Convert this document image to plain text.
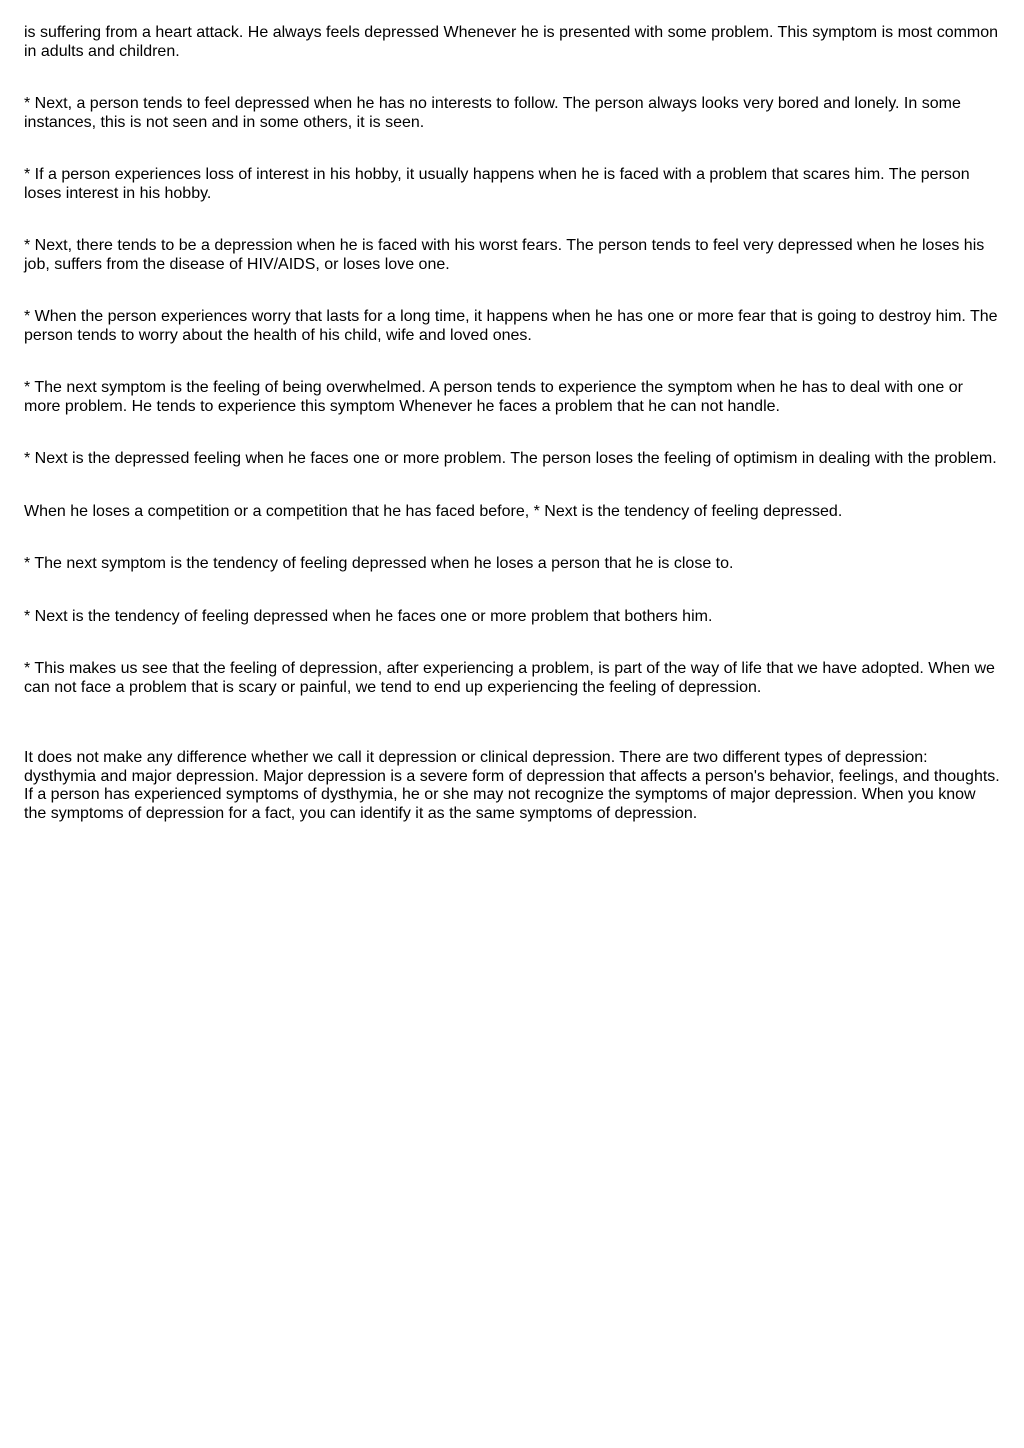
is suffering from a heart attack. He always feels depressed Whenever he is presented with some problem. This symptom is most common in adults and children.

* Next, a person tends to feel depressed when he has no interests to follow. The person always looks very bored and lonely. In some instances, this is not seen and in some others, it is seen.

* If a person experiences loss of interest in his hobby, it usually happens when he is faced with a problem that scares him. The person loses interest in his hobby.

* Next, there tends to be a depression when he is faced with his worst fears. The person tends to feel very depressed when he loses his job, suffers from the disease of HIV/AIDS, or loses love one.

* When the person experiences worry that lasts for a long time, it happens when he has one or more fear that is going to destroy him. The person tends to worry about the health of his child, wife and loved ones.

* The next symptom is the feeling of being overwhelmed. A person tends to experience the symptom when he has to deal with one or more problem. He tends to experience this symptom Whenever he faces a problem that he can not handle.

* Next is the depressed feeling when he faces one or more problem. The person loses the feeling of optimism in dealing with the problem.

When he loses a competition or a competition that he has faced before, * Next is the tendency of feeling depressed.

* The next symptom is the tendency of feeling depressed when he loses a person that he is close to.

* Next is the tendency of feeling depressed when he faces one or more problem that bothers him.

* This makes us see that the feeling of depression, after experiencing a problem, is part of the way of life that we have adopted. When we can not face a problem that is scary or painful, we tend to end up experiencing the feeling of depression.

It does not make any difference whether we call it depression or clinical depression. There are two different types of depression: dysthymia and major depression. Major depression is a severe form of depression that affects a person's behavior, feelings, and thoughts. If a person has experienced symptoms of dysthymia, he or she may not recognize the symptoms of major depression. When you know the symptoms of depression for a fact, you can identify it as the same symptoms of depression.
